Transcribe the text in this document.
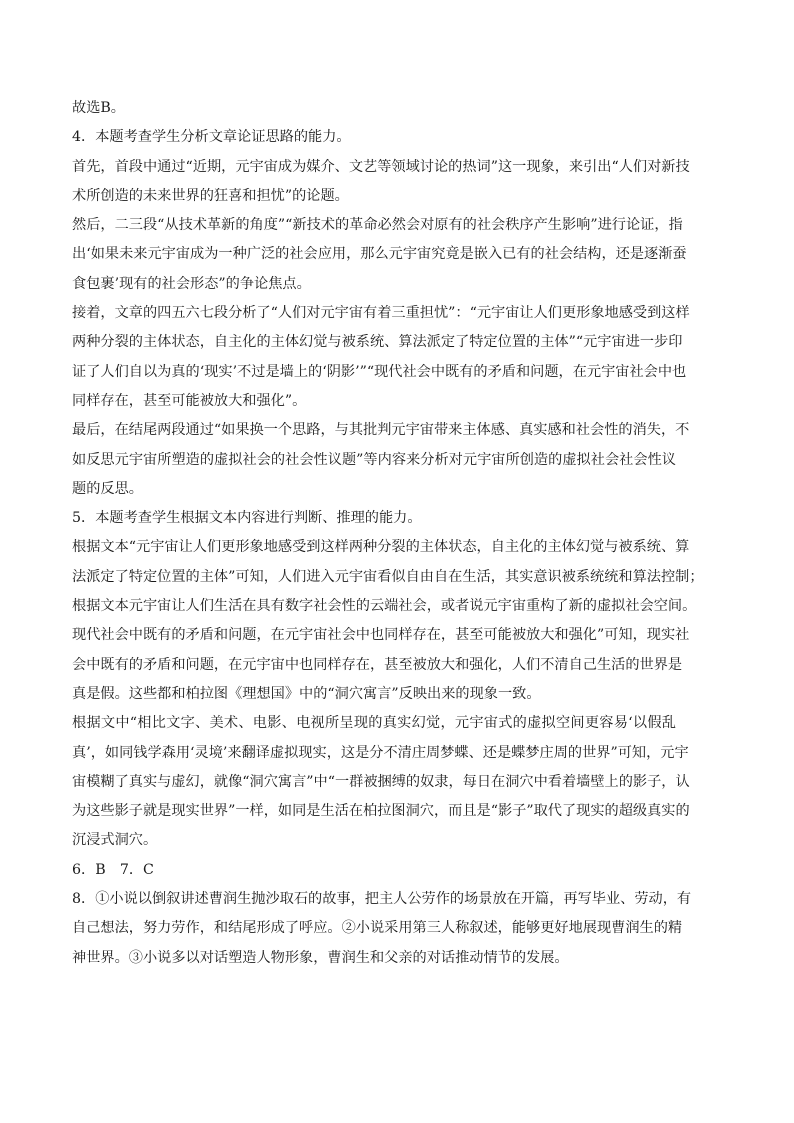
故选B。
4．本题考查学生分析文章论证思路的能力。
首先，首段中通过“近期，元宇宙成为媒介、文艺等领域讨论的热词”这一现象，来引出“人们对新技
术所创造的未来世界的狂喜和担忧”的论题。
然后，二三段“从技术革新的角度”“新技术的革命必然会对原有的社会秩序产生影响”进行论证，指
出‘如果未来元宇宙成为一种广泛的社会应用，那么元宇宙究竟是嵌入已有的社会结构，还是逐渐蚕
食包裹’现有的社会形态”的争论焦点。
接着，文章的四五六七段分析了“人们对元宇宙有着三重担忧”：“元宇宙让人们更形象地感受到这样
两种分裂的主体状态，自主化的主体幻觉与被系统、算法派定了特定位置的主体”“元宇宙进一步印
证了人们自以为真的‘现实’不过是墙上的‘阴影’”“现代社会中既有的矛盾和问题，在元宇宙社会中也
同样存在，甚至可能被放大和强化”。
最后，在结尾两段通过“如果换一个思路，与其批判元宇宙带来主体感、真实感和社会性的消失，不
如反思元宇宙所塑造的虚拟社会的社会性议题”等内容来分析对元宇宙所创造的虚拟社会社会性议
题的反思。
5．本题考查学生根据文本内容进行判断、推理的能力。
根据文本“元宇宙让人们更形象地感受到这样两种分裂的主体状态，自主化的主体幻觉与被系统、算
法派定了特定位置的主体”可知，人们进入元宇宙看似自由自在生活，其实意识被系统统和算法控制；
根据文本元宇宙让人们生活在具有数字社会性的云端社会，或者说元宇宙重构了新的虚拟社会空间。
现代社会中既有的矛盾和问题，在元宇宙社会中也同样存在，甚至可能被放大和强化”可知，现实社
会中既有的矛盾和问题，在元宇宙中也同样存在，甚至被放大和强化，人们不清自己生活的世界是
真是假。这些都和柏拉图《理想国》中的“洞穴寓言”反映出来的现象一致。
根据文中“相比文字、美术、电影、电视所呈现的真实幻觉，元宇宙式的虚拟空间更容易‘以假乱
真’，如同钱学森用‘灵境’来翻译虚拟现实，这是分不清庄周梦蝶、还是蝶梦庄周的世界”可知，元宇
宙模糊了真实与虚幻，就像“洞穴寓言”中“一群被捆缚的奴隶，每日在洞穴中看着墙壁上的影子，认
为这些影子就是现实世界”一样，如同是生活在柏拉图洞穴，而且是“影子”取代了现实的超级真实的
沉浸式洞穴。
6．B　7．C
8．①小说以倒叙讲述曹润生抛沙取石的故事，把主人公劳作的场景放在开篇，再写毕业、劳动，有
自己想法，努力劳作，和结尾形成了呼应。②小说采用第三人称叙述，能够更好地展现曹润生的精
神世界。③小说多以对话塑造人物形象，曹润生和父亲的对话推动情节的发展。
